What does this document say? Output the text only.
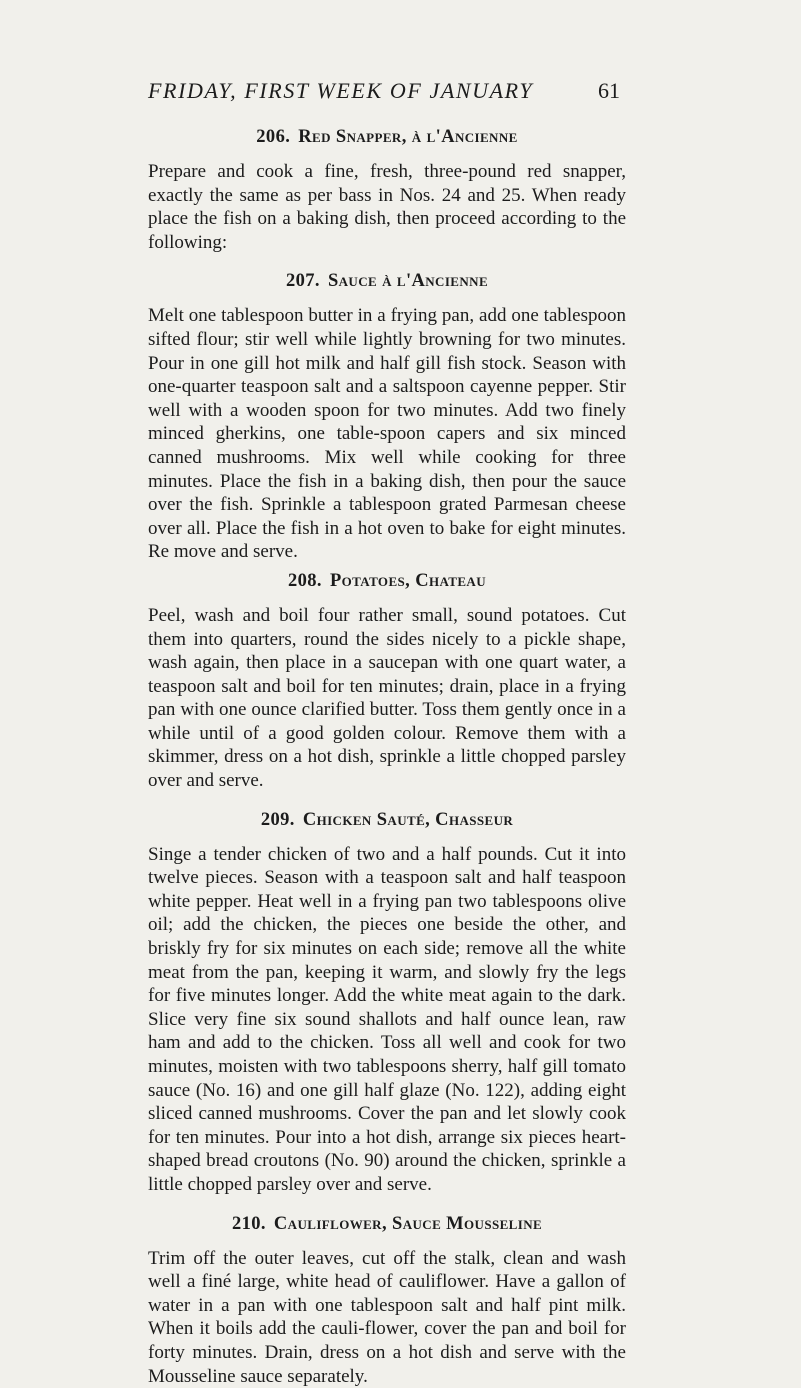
FRIDAY, FIRST WEEK OF JANUARY	61
206. Red Snapper, à l'Ancienne

Prepare and cook a fine, fresh, three-pound red snapper, exactly the same as per bass in Nos. 24 and 25. When ready place the fish on a baking dish, then proceed according to the following:

207. Sauce à l'Ancienne

Melt one tablespoon butter in a frying pan, add one tablespoon sifted flour; stir well while lightly browning for two minutes. Pour in one gill hot milk and half gill fish stock. Season with one-quarter teaspoon salt and a saltspoon cayenne pepper. Stir well with a wooden spoon for two minutes. Add two finely minced gherkins, one table-spoon capers and six minced canned mushrooms. Mix well while cooking for three minutes. Place the fish in a baking dish, then pour the sauce over the fish. Sprinkle a tablespoon grated Parmesan cheese over all. Place the fish in a hot oven to bake for eight minutes. Re move and serve.

208. Potatoes, Chateau

Peel, wash and boil four rather small, sound potatoes. Cut them into quarters, round the sides nicely to a pickle shape, wash again, then place in a saucepan with one quart water, a teaspoon salt and boil for ten minutes; drain, place in a frying pan with one ounce clarified butter. Toss them gently once in a while until of a good golden colour. Remove them with a skimmer, dress on a hot dish, sprinkle a little chopped parsley over and serve.

209. Chicken Sauté, Chasseur

Singe a tender chicken of two and a half pounds. Cut it into twelve pieces. Season with a teaspoon salt and half teaspoon white pepper. Heat well in a frying pan two tablespoons olive oil; add the chicken, the pieces one beside the other, and briskly fry for six minutes on each side; remove all the white meat from the pan, keeping it warm, and slowly fry the legs for five minutes longer. Add the white meat again to the dark. Slice very fine six sound shallots and half ounce lean, raw ham and add to the chicken. Toss all well and cook for two minutes, moisten with two tablespoons sherry, half gill tomato sauce (No. 16) and one gill half glaze (No. 122), adding eight sliced canned mushrooms. Cover the pan and let slowly cook for ten minutes. Pour into a hot dish, arrange six pieces heart-shaped bread croutons (No. 90) around the chicken, sprinkle a little chopped parsley over and serve.

210. Cauliflower, Sauce Mousseline

Trim off the outer leaves, cut off the stalk, clean and wash well a finé large, white head of cauliflower. Have a gallon of water in a pan with one tablespoon salt and half pint milk. When it boils add the cauli-flower, cover the pan and boil for forty minutes. Drain, dress on a hot dish and serve with the Mousseline sauce separately.
